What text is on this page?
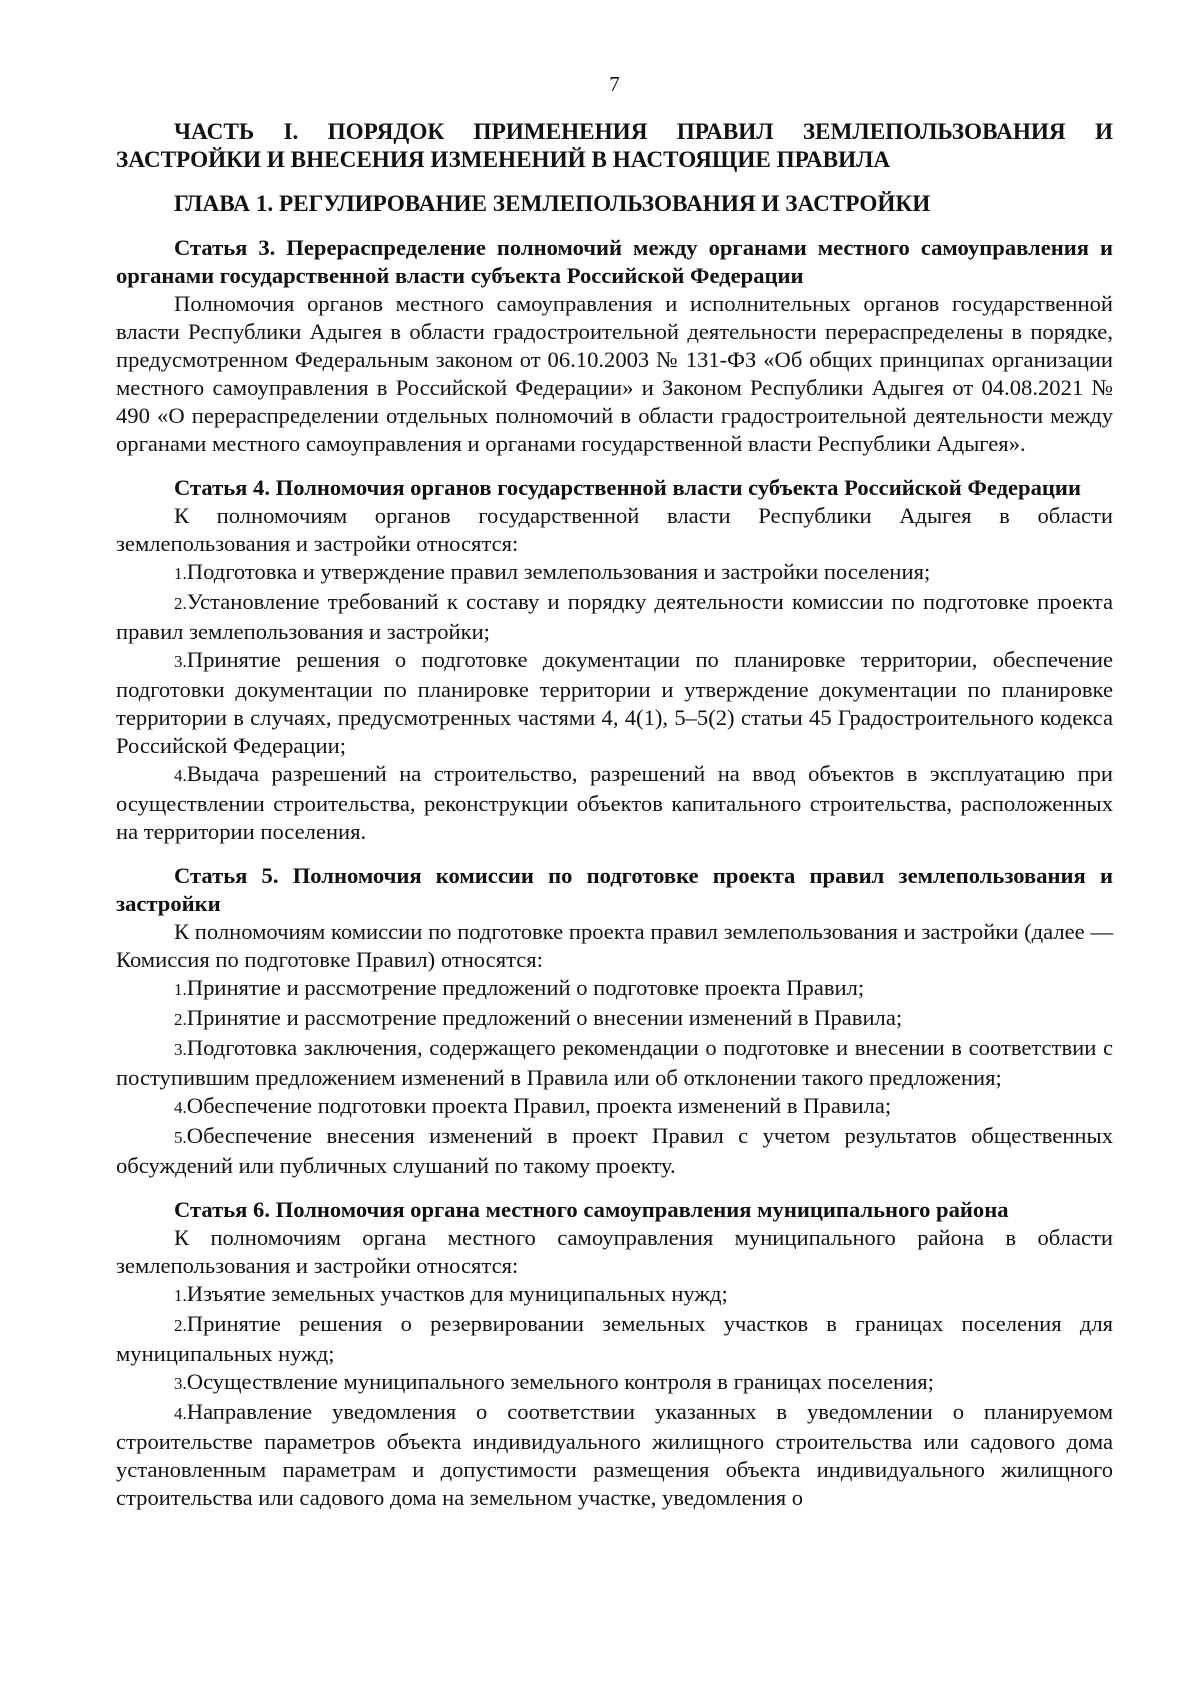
7
ЧАСТЬ I. ПОРЯДОК ПРИМЕНЕНИЯ ПРАВИЛ ЗЕМЛЕПОЛЬЗОВАНИЯ И ЗАСТРОЙКИ И ВНЕСЕНИЯ ИЗМЕНЕНИЙ В НАСТОЯЩИЕ ПРАВИЛА
ГЛАВА 1. РЕГУЛИРОВАНИЕ ЗЕМЛЕПОЛЬЗОВАНИЯ И ЗАСТРОЙКИ
Статья 3. Перераспределение полномочий между органами местного самоуправления и органами государственной власти субъекта Российской Федерации

Полномочия органов местного самоуправления и исполнительных органов государственной власти Республики Адыгея в области градостроительной деятельности перераспределены в порядке, предусмотренном Федеральным законом от 06.10.2003 № 131-ФЗ «Об общих принципах организации местного самоуправления в Российской Федерации» и Законом Республики Адыгея от 04.08.2021 № 490 «О перераспределении отдельных полномочий в области градостроительной деятельности между органами местного самоуправления и органами государственной власти Республики Адыгея».

Статья 4. Полномочия органов государственной власти субъекта Российской Федерации

К полномочиям органов государственной власти Республики Адыгея в области землепользования и застройки относятся:

1.Подготовка и утверждение правил землепользования и застройки поселения;
2.Установление требований к составу и порядку деятельности комиссии по подготовке проекта правил землепользования и застройки;
3.Принятие решения о подготовке документации по планировке территории, обеспечение подготовки документации по планировке территории и утверждение документации по планировке территории в случаях, предусмотренных частями 4, 4(1), 5–5(2) статьи 45 Градостроительного кодекса Российской Федерации;
4.Выдача разрешений на строительство, разрешений на ввод объектов в эксплуатацию при осуществлении строительства, реконструкции объектов капитального строительства, расположенных на территории поселения.
Статья 5. Полномочия комиссии по подготовке проекта правил землепользования и застройки

К полномочиям комиссии по подготовке проекта правил землепользования и застройки (далее — Комиссия по подготовке Правил) относятся:

1.Принятие и рассмотрение предложений о подготовке проекта Правил;
2.Принятие и рассмотрение предложений о внесении изменений в Правила;
3.Подготовка заключения, содержащего рекомендации о подготовке и внесении в соответствии с поступившим предложением изменений в Правила или об отклонении такого предложения;
4.Обеспечение подготовки проекта Правил, проекта изменений в Правила;
5.Обеспечение внесения изменений в проект Правил с учетом результатов общественных обсуждений или публичных слушаний по такому проекту.
Статья 6. Полномочия органа местного самоуправления муниципального района

К полномочиям органа местного самоуправления муниципального района в области землепользования и застройки относятся:

1.Изъятие земельных участков для муниципальных нужд;
2.Принятие решения о резервировании земельных участков в границах поселения для муниципальных нужд;
3.Осуществление муниципального земельного контроля в границах поселения;
4.Направление уведомления о соответствии указанных в уведомлении о планируемом строительстве параметров объекта индивидуального жилищного строительства или садового дома установленным параметрам и допустимости размещения объекта индивидуального жилищного строительства или садового дома на земельном участке, уведомления о
